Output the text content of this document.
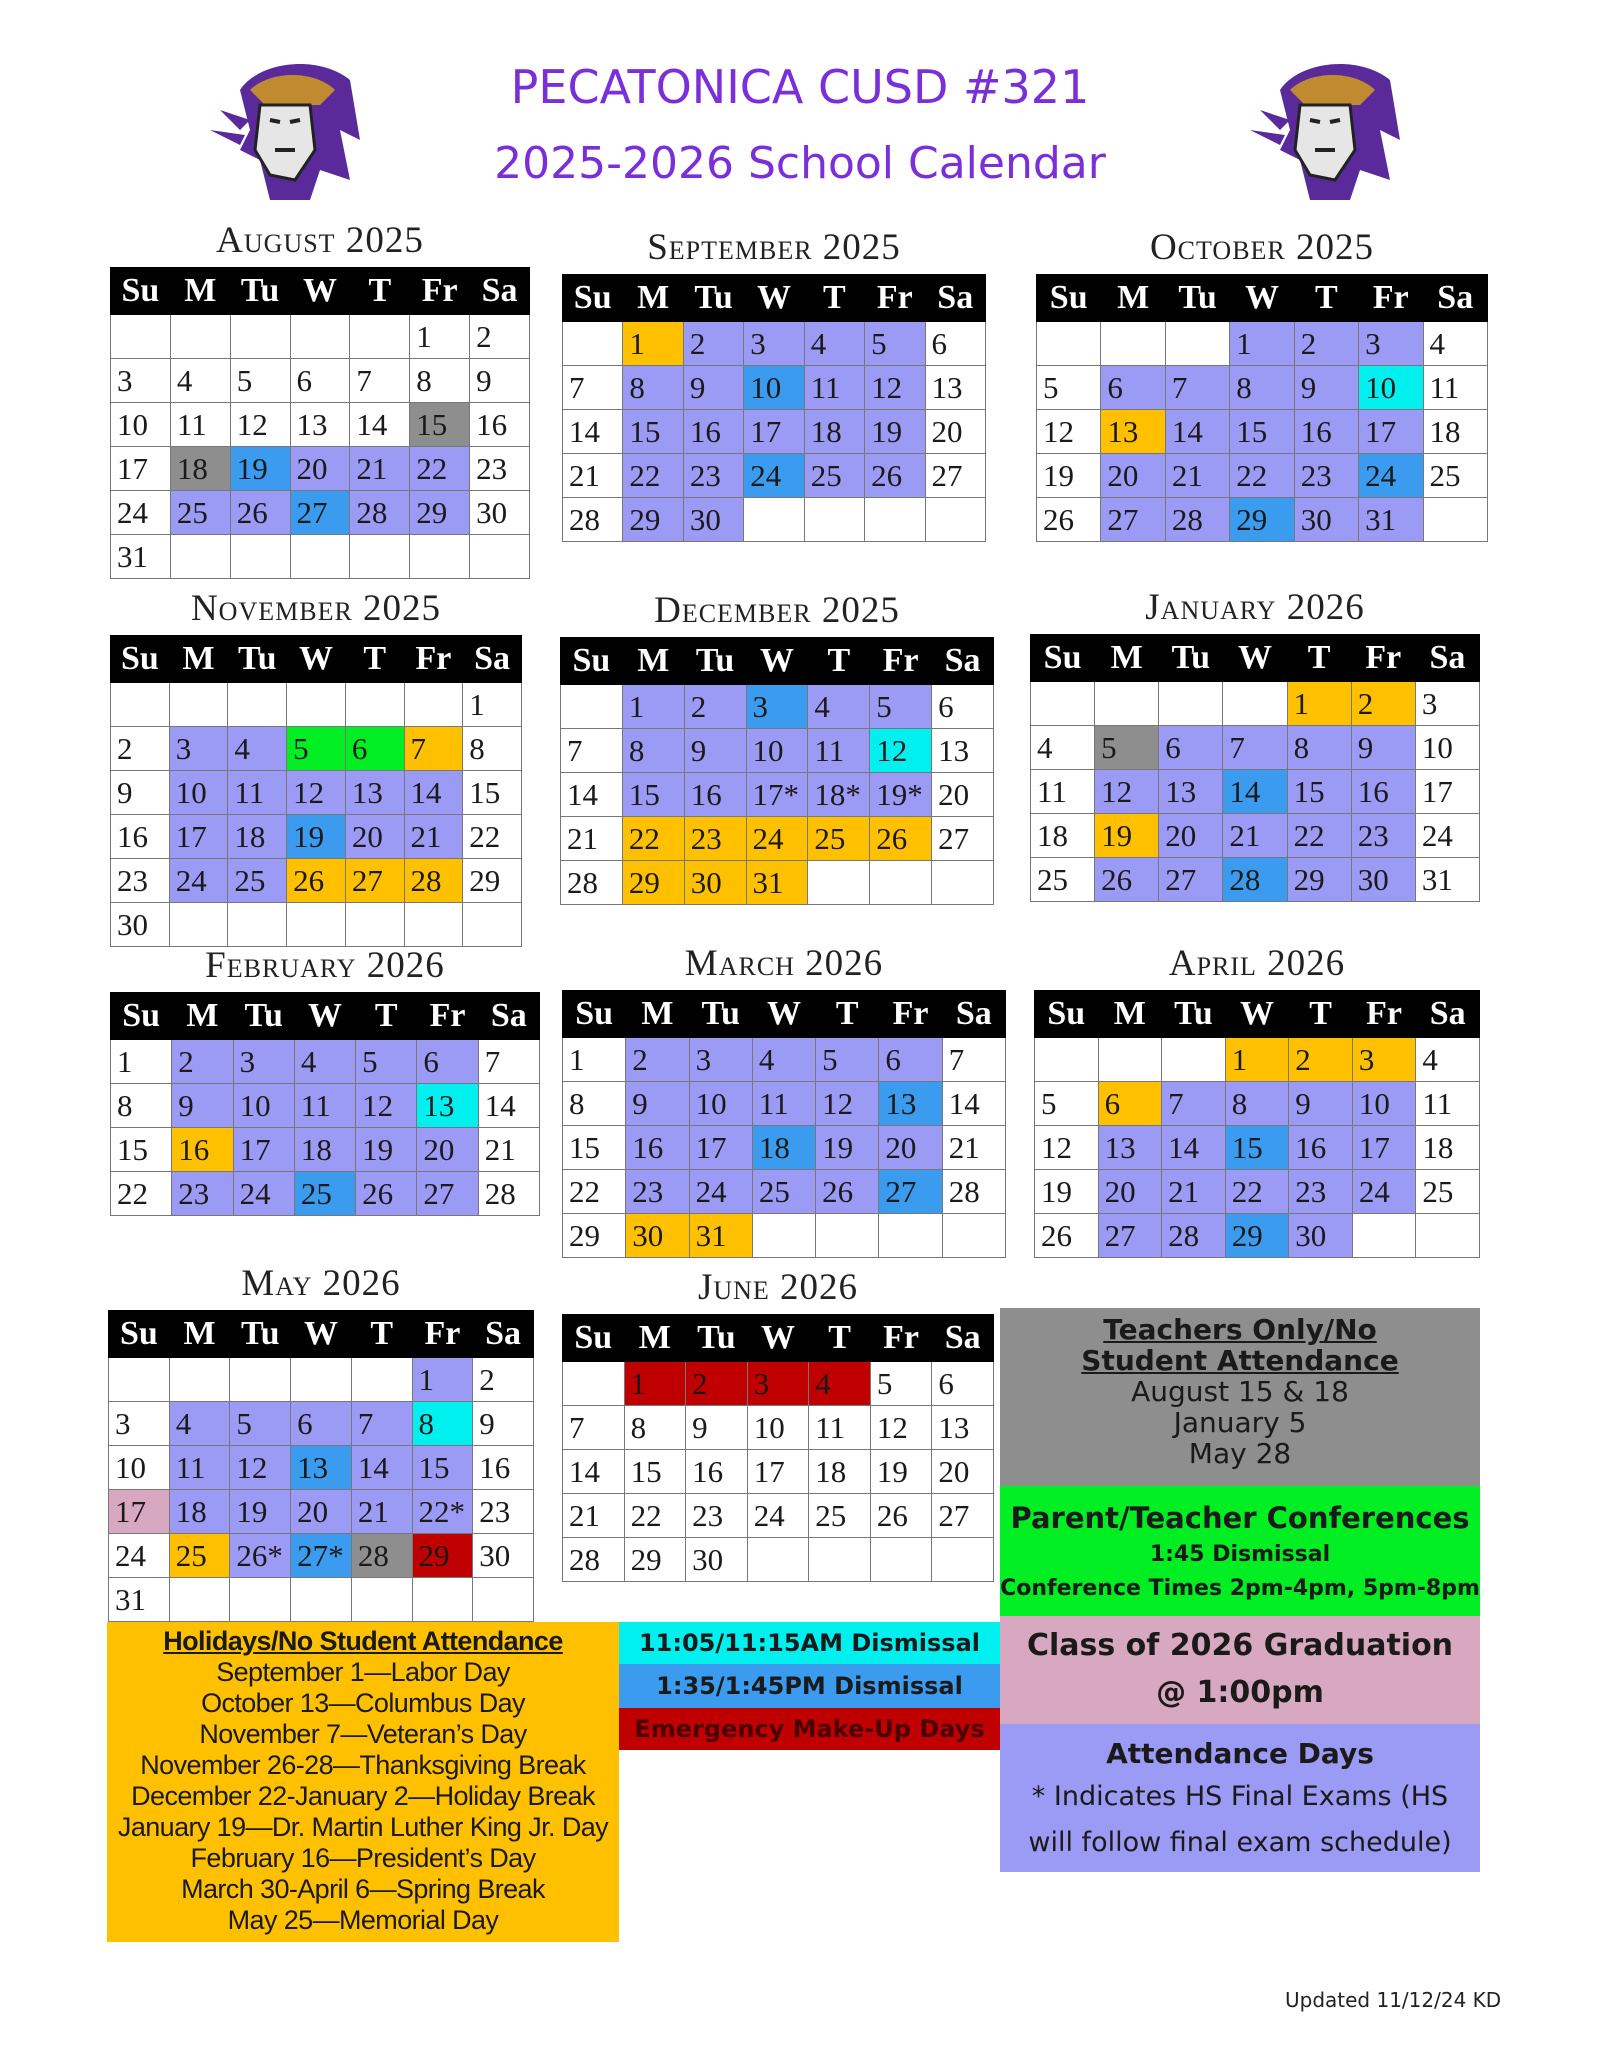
PECATONICA CUSD #321
2025-2026 School Calendar
August 2025
Su	M	Tu	W	T	Fr	Sa
					1	2
3	4	5	6	7	8	9
10	11	12	13	14	15	16
17	18	19	20	21	22	23
24	25	26	27	28	29	30
31						
September 2025
Su	M	Tu	W	T	Fr	Sa
	1	2	3	4	5	6
7	8	9	10	11	12	13
14	15	16	17	18	19	20
21	22	23	24	25	26	27
28	29	30				
October 2025
Su	M	Tu	W	T	Fr	Sa
			1	2	3	4
5	6	7	8	9	10	11
12	13	14	15	16	17	18
19	20	21	22	23	24	25
26	27	28	29	30	31	
November 2025
Su	M	Tu	W	T	Fr	Sa
						1
2	3	4	5	6	7	8
9	10	11	12	13	14	15
16	17	18	19	20	21	22
23	24	25	26	27	28	29
30						
December 2025
Su	M	Tu	W	T	Fr	Sa
	1	2	3	4	5	6
7	8	9	10	11	12	13
14	15	16	17*	18*	19*	20
21	22	23	24	25	26	27
28	29	30	31			
January 2026
Su	M	Tu	W	T	Fr	Sa
				1	2	3
4	5	6	7	8	9	10
11	12	13	14	15	16	17
18	19	20	21	22	23	24
25	26	27	28	29	30	31
February 2026
Su	M	Tu	W	T	Fr	Sa
1	2	3	4	5	6	7
8	9	10	11	12	13	14
15	16	17	18	19	20	21
22	23	24	25	26	27	28
March 2026
Su	M	Tu	W	T	Fr	Sa
1	2	3	4	5	6	7
8	9	10	11	12	13	14
15	16	17	18	19	20	21
22	23	24	25	26	27	28
29	30	31				
April 2026
Su	M	Tu	W	T	Fr	Sa
			1	2	3	4
5	6	7	8	9	10	11
12	13	14	15	16	17	18
19	20	21	22	23	24	25
26	27	28	29	30		
May 2026
Su	M	Tu	W	T	Fr	Sa
					1	2
3	4	5	6	7	8	9
10	11	12	13	14	15	16
17	18	19	20	21	22*	23
24	25	26*	27*	28	29	30
31						
June 2026
Su	M	Tu	W	T	Fr	Sa
	1	2	3	4	5	6
7	8	9	10	11	12	13
14	15	16	17	18	19	20
21	22	23	24	25	26	27
28	29	30				
Teachers Only/No Student Attendance
August 15 & 18
January 5
May 28
Parent/Teacher Conferences
1:45 Dismissal
Conference Times 2pm-4pm, 5pm-8pm
Class of 2026 Graduation
@ 1:00pm
Attendance Days
* Indicates HS Final Exams (HS will follow final exam schedule)
Holidays/No Student Attendance
September 1—Labor Day
October 13—Columbus Day
November 7—Veteran’s Day
November 26-28—Thanksgiving Break
December 22-January 2—Holiday Break
January 19—Dr. Martin Luther King Jr. Day
February 16—President’s Day
March 30-April 6—Spring Break
May 25—Memorial Day
11:05/11:15AM Dismissal
1:35/1:45PM Dismissal
Emergency Make-Up Days
Updated 11/12/24 KD
